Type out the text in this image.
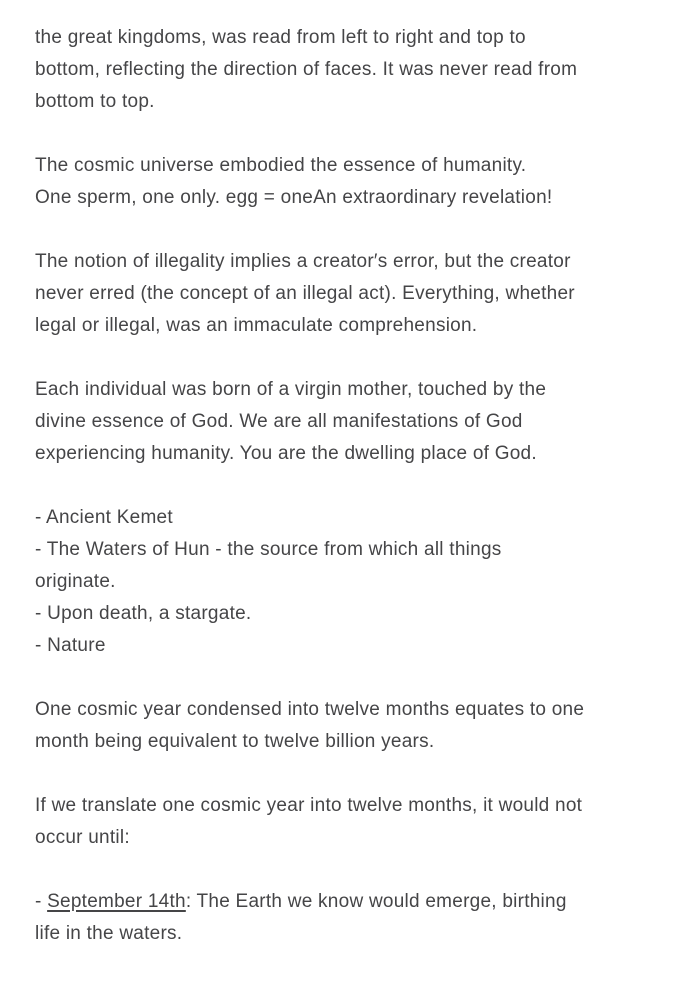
the great kingdoms, was read from left to right and top to
bottom, reflecting the direction of faces. It was never read from
bottom to top.

The cosmic universe embodied the essence of humanity.
One sperm, one only. egg = oneAn extraordinary revelation!

The notion of illegality implies a creator′s error, but the creator
never erred (the concept of an illegal act). Everything, whether
legal or illegal, was an immaculate comprehension.

Each individual was born of a virgin mother, touched by the
divine essence of God. We are all manifestations of God
experiencing humanity. You are the dwelling place of God.

- Ancient Kemet
- The Waters of Hun - the source from which all things
originate.
- Upon death, a stargate.
- Nature

One cosmic year condensed into twelve months equates to one
month being equivalent to twelve billion years.

If we translate one cosmic year into twelve months, it would not
occur until:

- September 14th: The Earth we know would emerge, birthing
life in the waters.
